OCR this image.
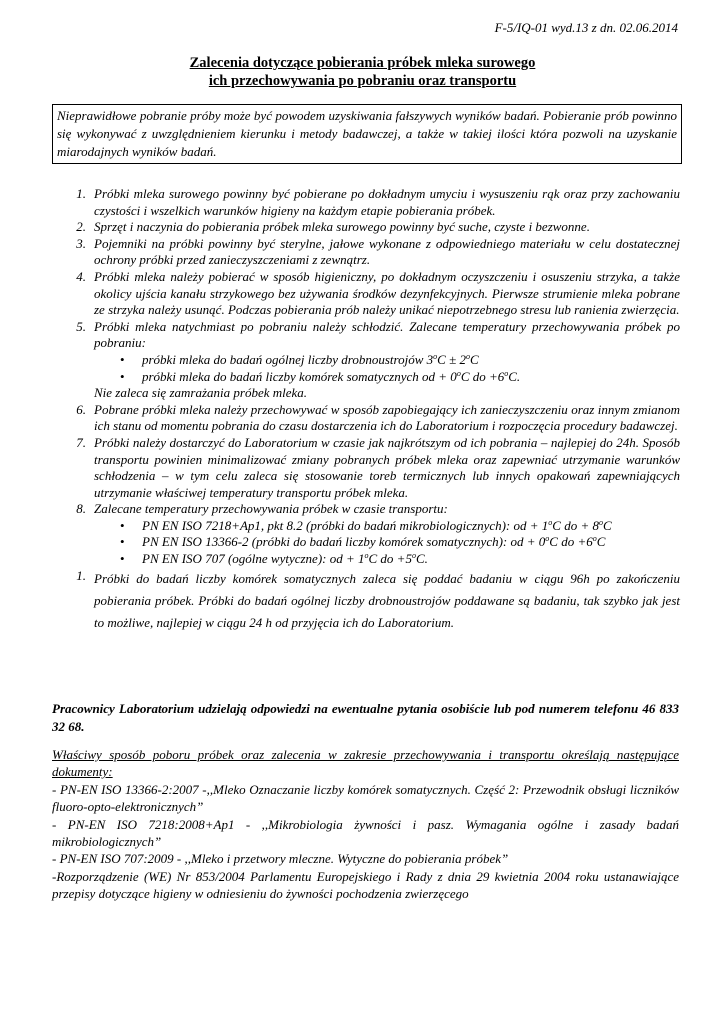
F-5/IQ-01 wyd.13 z dn. 02.06.2014
Zalecenia dotyczące pobierania próbek mleka surowego
ich przechowywania po pobraniu oraz transportu
Nieprawidłowe pobranie próby może być powodem uzyskiwania fałszywych wyników badań. Pobieranie prób powinno się wykonywać z uwzględnieniem kierunku i metody badawczej, a także w takiej ilości która pozwoli na uzyskanie miarodajnych wyników badań.
1. Próbki mleka surowego powinny być pobierane po dokładnym umyciu i wysuszeniu rąk oraz przy zachowaniu czystości i wszelkich warunków higieny na każdym etapie pobierania próbek.
2. Sprzęt i naczynia do pobierania próbek mleka surowego powinny być suche, czyste i bezwonne.
3. Pojemniki na próbki powinny być sterylne, jałowe wykonane z odpowiedniego materiału w celu dostatecznej ochrony próbki przed zanieczyszczeniami z zewnątrz.
4. Próbki mleka należy pobierać w sposób higieniczny, po dokładnym oczyszczeniu i osuszeniu strzyka, a także okolicy ujścia kanału strzykowego bez używania środków dezynfekcyjnych. Pierwsze strumienie mleka pobrane ze strzyka należy usunąć. Podczas pobierania prób należy unikać niepotrzebnego stresu lub ranienia zwierzęcia.
5. Próbki mleka natychmiast po pobraniu należy schłodzić. Zalecane temperatury przechowywania próbek po pobraniu:
• próbki mleka do badań ogólnej liczby drobnoustrojów $3^oC \pm 2^oC$
• próbki mleka do badań liczby komórek somatycznych od + $0^oC$ do $+6^oC$.
Nie zaleca się zamrażania próbek mleka.
6. Pobrane próbki mleka należy przechowywać w sposób zapobiegający ich zanieczyszczeniu oraz innym zmianom ich stanu od momentu pobrania do czasu dostarczenia ich do Laboratorium i rozpoczęcia procedury badawczej.
7. Próbki należy dostarczyć do Laboratorium w czasie jak najkrótszym od ich pobrania – najlepiej do 24h. Sposób transportu powinien minimalizować zmiany pobranych próbek mleka oraz zapewniać utrzymanie warunków schłodzenia – w tym celu zaleca się stosowanie toreb termicznych lub innych opakowań zapewniających utrzymanie właściwej temperatury transportu próbek mleka.
8. Zalecane temperatury przechowywania próbek w czasie transportu:
• PN EN ISO 7218+Ap1, pkt 8.2 (próbki do badań mikrobiologicznych): od + $1^oC$ do + $8^oC$
• PN EN ISO 13366-2 (próbki do badań liczby komórek somatycznych): od + $0^oC$ do $+6^oC$
• PN EN ISO 707 (ogólne wytyczne): od + $1^oC$ do $+5^oC$.
1. Próbki do badań liczby komórek somatycznych zaleca się poddać badaniu w ciągu 96h po zakończeniu pobierania próbek. Próbki do badań ogólnej liczby drobnoustrojów poddawane są badaniu, tak szybko jak jest to możliwe, najlepiej w ciągu 24 h od przyjęcia ich do Laboratorium.
Pracownicy Laboratorium udzielają odpowiedzi na ewentualne pytania osobiście lub pod numerem telefonu 46 833 32 68.
Właściwy sposób poboru próbek oraz zalecenia w zakresie przechowywania i transportu określają następujące dokumenty:
- PN-EN ISO 13366-2:2007 -,,Mleko Oznaczanie liczby komórek somatycznych. Część 2: Przewodnik obsługi liczników fluoro-opto-elektronicznych”
- PN-EN ISO 7218:2008+Ap1 - ,,Mikrobiologia żywności i pasz. Wymagania ogólne i zasady badań mikrobiologicznych”
- PN-EN ISO 707:2009 - ,,Mleko i przetwory mleczne. Wytyczne do pobierania próbek”
-Rozporządzenie (WE) Nr 853/2004 Parlamentu Europejskiego i Rady z dnia 29 kwietnia 2004 roku ustanawiające przepisy dotyczące higieny w odniesieniu do żywności pochodzenia zwierzęcego
